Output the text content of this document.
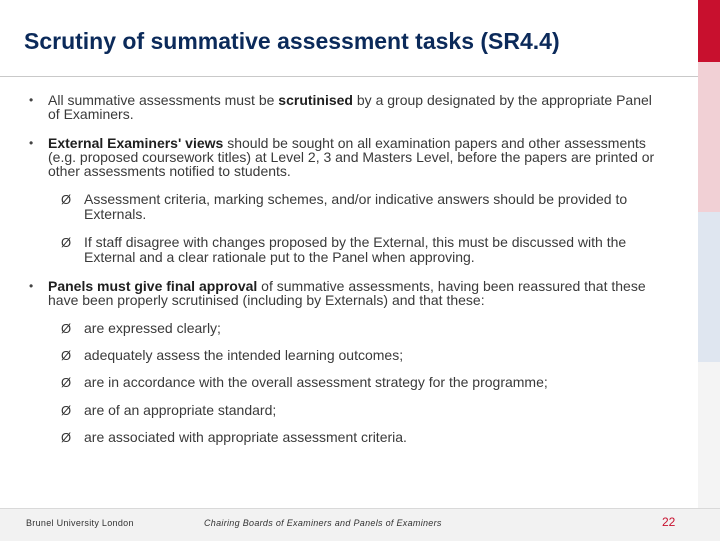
Scrutiny of summative assessment tasks (SR4.4)
• All summative assessments must be scrutinised by a group designated by the appropriate Panel of Examiners.
• External Examiners' views should be sought on all examination papers and other assessments (e.g. proposed coursework titles) at Level 2, 3 and Masters Level, before the papers are printed or other assessments notified to students.
Ø Assessment criteria, marking schemes, and/or indicative answers should be provided to Externals.
Ø If staff disagree with changes proposed by the External, this must be discussed with the External and a clear rationale put to the Panel when approving.
• Panels must give final approval of summative assessments, having been reassured that these have been properly scrutinised (including by Externals) and that these:
Ø are expressed clearly;
Ø adequately assess the intended learning outcomes;
Ø are in accordance with the overall assessment strategy for the programme;
Ø are of an appropriate standard;
Ø are associated with appropriate assessment criteria.
Brunel University London	Chairing Boards of Examiners and Panels of Examiners	22
